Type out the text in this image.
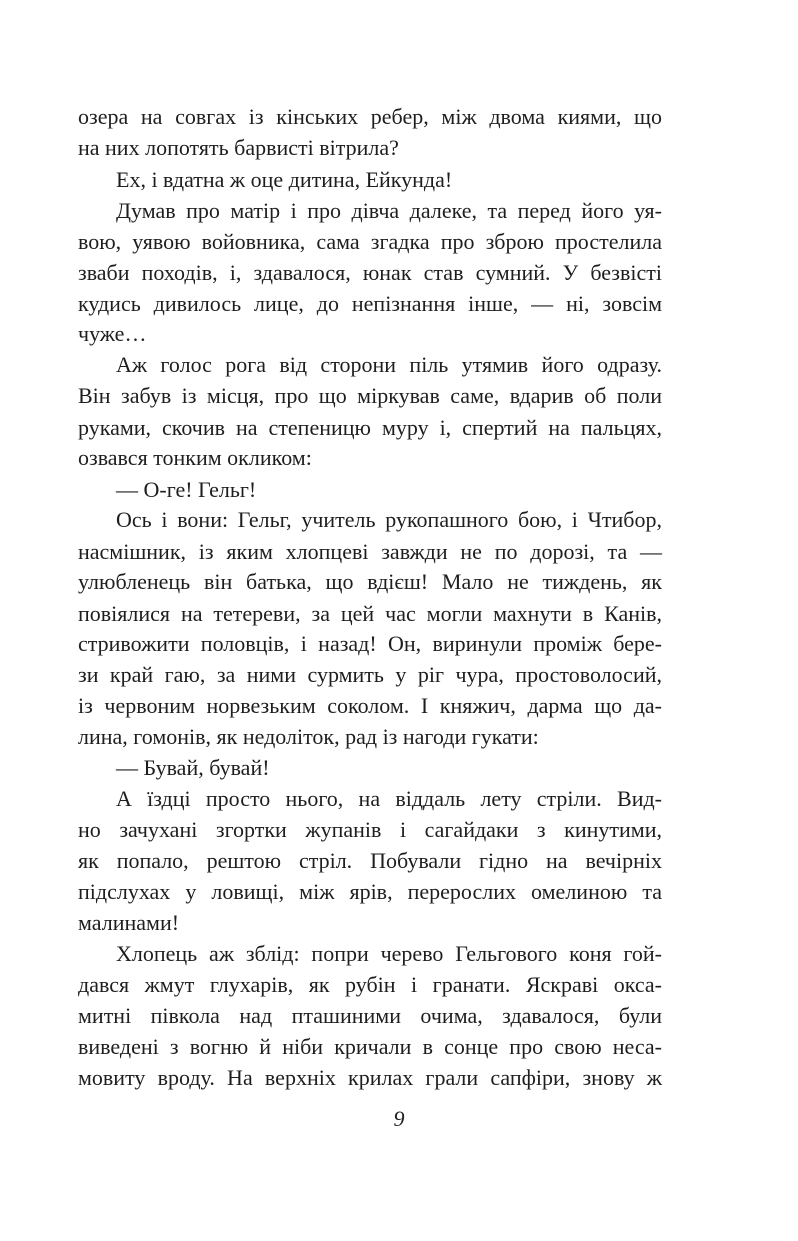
озера на совгах із кінських ребер, між двома киями, що
на них лопотять барвисті вітрила?
Ех, і вдатна ж оце дитина, Ейкунда!
Думав про матір і про дівча далеке, та перед його уя-
вою, уявою войовника, сама згадка про зброю простелила
зваби походів, і, здавалося, юнак став сумний. У безвісті
кудись дивилось лице, до непізнання інше, — ні, зовсім
чуже…
Аж голос рога від сторони піль утямив його одразу.
Він забув із місця, про що міркував саме, вдарив об поли
руками, скочив на степеницю муру і, спертий на пальцях,
озвався тонким окликом:
— О-ге! Гельг!
Ось і вони: Гельг, учитель рукопашного бою, і Чтибор,
насмішник, із яким хлопцеві завжди не по дорозі, та —
улюбленець він батька, що вдієш! Мало не тиждень, як
повіялися на тетереви, за цей час могли махнути в Канів,
стривожити половців, і назад! Он, виринули проміж бере-
зи край гаю, за ними сурмить у ріг чура, простоволосий,
із червоним норвезьким соколом. І княжич, дарма що да-
лина, гомонів, як недоліток, рад із нагоди гукати:
— Бувай, бувай!
А їздці просто нього, на віддаль лету стріли. Вид-
но зачухані згортки жупанів і сагайдаки з кинутими,
як попало, рештою стріл. Побували гідно на вечірніх
підслухах у ловищі, між ярів, перерослих омелиною та
малинами!
Хлопець аж зблід: попри черево Гельгового коня гой-
дався жмут глухарів, як рубін і гранати. Яскраві окса-
митні півкола над пташиними очима, здавалося, були
виведені з вогню й ніби кричали в сонце про свою неса-
мовиту вроду. На верхніх крилах грали сапфіри, знову ж
9
